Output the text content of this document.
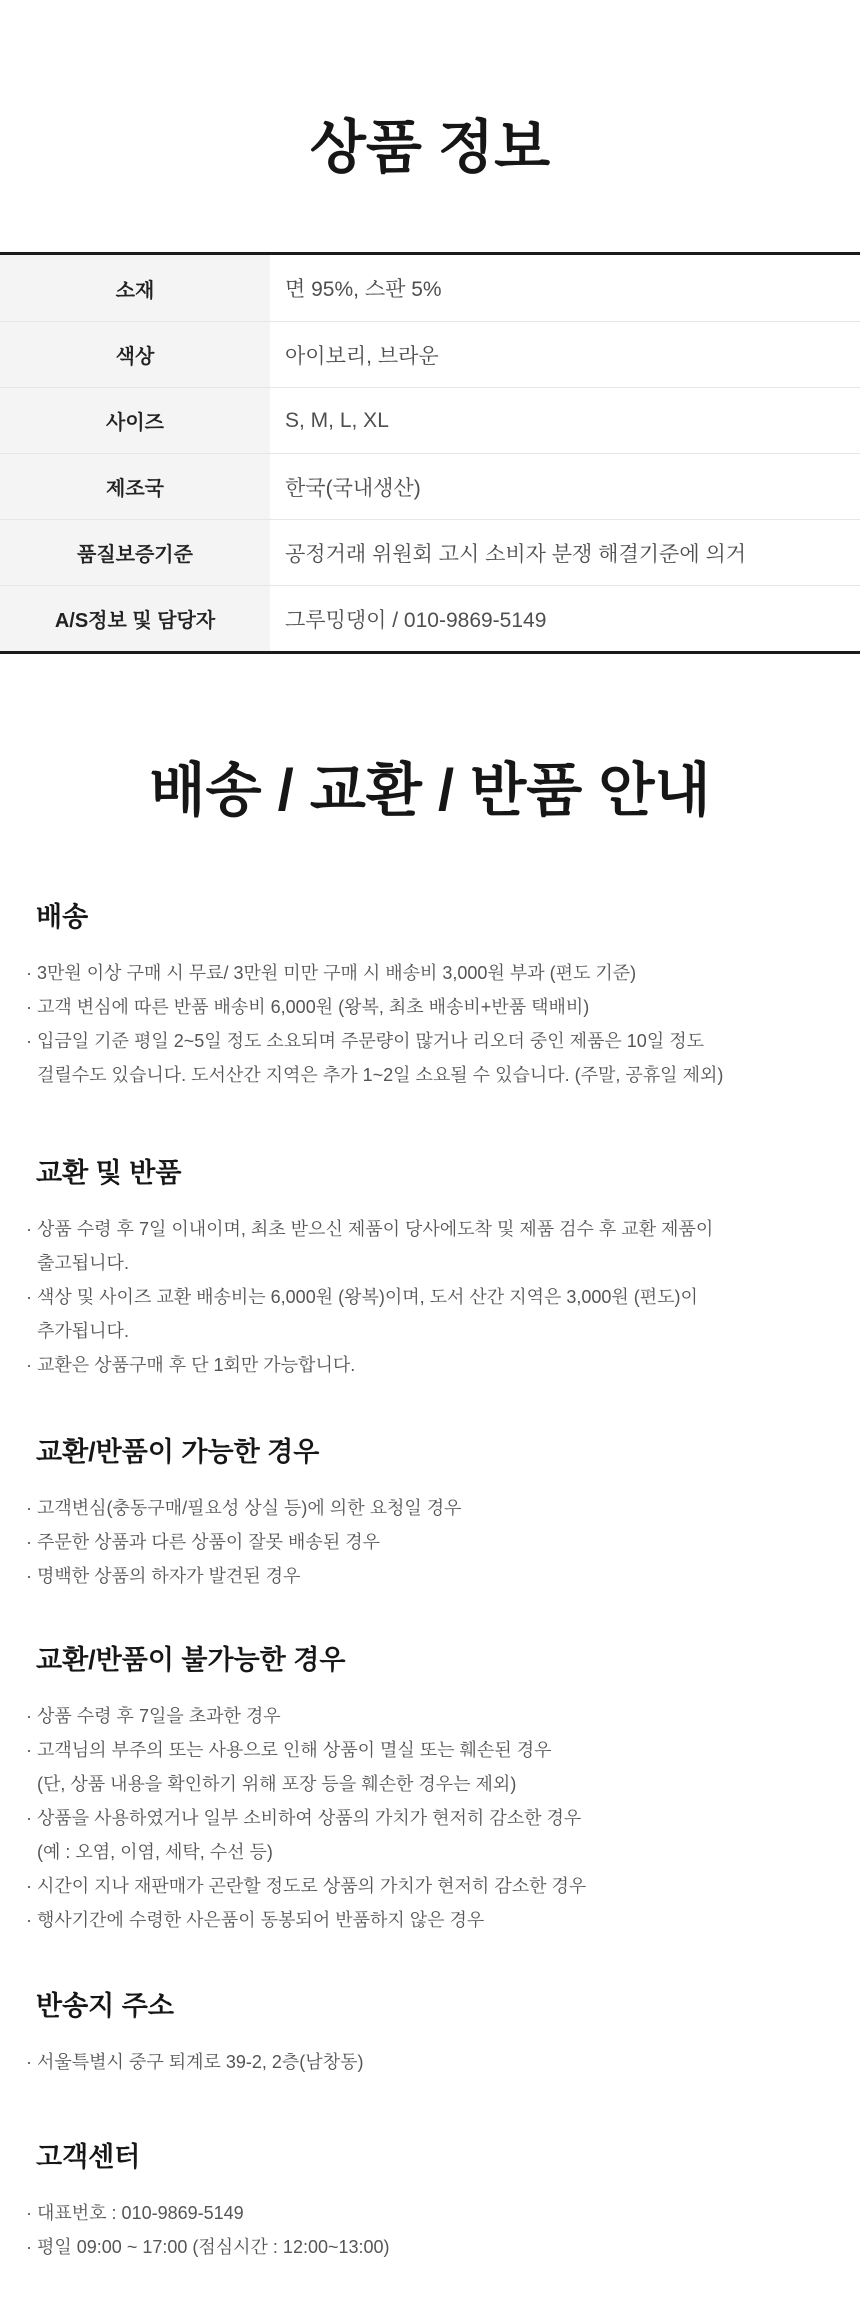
상품 정보
소재	면 95%, 스판 5%
색상	아이보리, 브라운
사이즈	S, M, L, XL
제조국	한국(국내생산)
품질보증기준	공정거래 위원회 고시 소비자 분쟁 해결기준에 의거
A/S정보 및 담당자	그루밍댕이 / 010-9869-5149
배송 / 교환 / 반품 안내
배송
· 3만원 이상 구매 시 무료/ 3만원 미만 구매 시 배송비 3,000원 부과 (편도 기준)
· 고객 변심에 따른 반품 배송비 6,000원 (왕복, 최초 배송비+반품 택배비)
· 입금일 기준 평일 2~5일 정도 소요되며 주문량이 많거나 리오더 중인 제품은 10일 정도
걸릴수도 있습니다. 도서산간 지역은 추가 1~2일 소요될 수 있습니다. (주말, 공휴일 제외)
교환 및 반품
· 상품 수령 후 7일 이내이며, 최초 받으신 제품이 당사에도착 및 제품 검수 후 교환 제품이
출고됩니다.
· 색상 및 사이즈 교환 배송비는 6,000원 (왕복)이며, 도서 산간 지역은 3,000원 (편도)이
추가됩니다.
· 교환은 상품구매 후 단 1회만 가능합니다.
교환/반품이 가능한 경우
· 고객변심(충동구매/필요성 상실 등)에 의한 요청일 경우
· 주문한 상품과 다른 상품이 잘못 배송된 경우
· 명백한 상품의 하자가 발견된 경우
교환/반품이 불가능한 경우
· 상품 수령 후 7일을 초과한 경우
· 고객님의 부주의 또는 사용으로 인해 상품이 멸실 또는 훼손된 경우
(단, 상품 내용을 확인하기 위해 포장 등을 훼손한 경우는 제외)
· 상품을 사용하였거나 일부 소비하여 상품의 가치가 현저히 감소한 경우
(예 : 오염, 이염, 세탁, 수선 등)
· 시간이 지나 재판매가 곤란할 정도로 상품의 가치가 현저히 감소한 경우
· 행사기간에 수령한 사은품이 동봉되어 반품하지 않은 경우
반송지 주소
· 서울특별시 중구 퇴계로 39-2, 2층(남창동)
고객센터
· 대표번호 : 010-9869-5149
· 평일 09:00 ~ 17:00 (점심시간 : 12:00~13:00)
